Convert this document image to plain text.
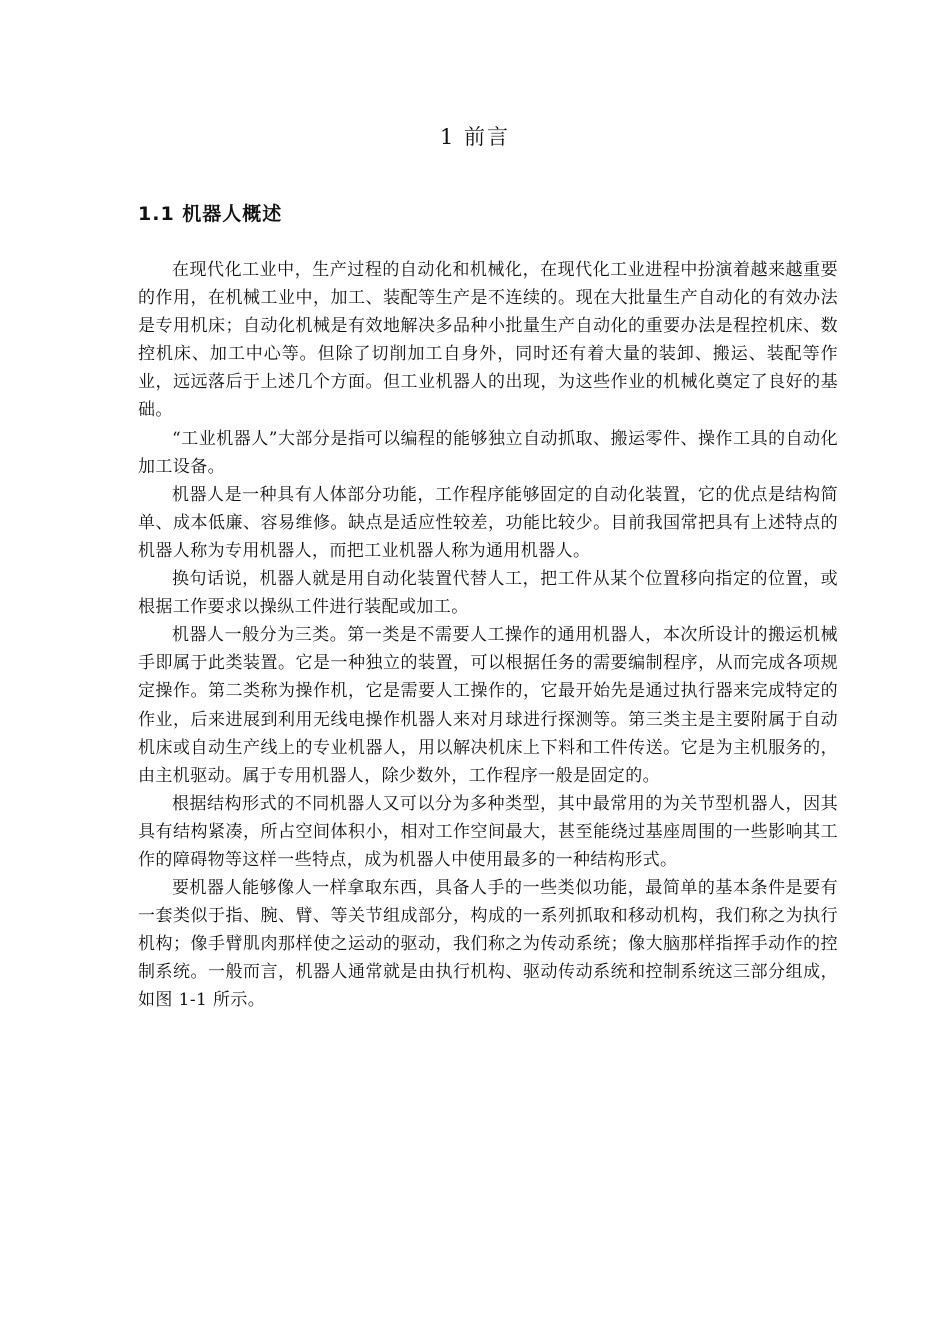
1 前言
1.1 机器人概述

在现代化工业中，生产过程的自动化和机械化，在现代化工业进程中扮演着越来越重要的作用，在机械工业中，加工、装配等生产是不连续的。现在大批量生产自动化的有效办法是专用机床；自动化机械是有效地解决多品种小批量生产自动化的重要办法是程控机床、数控机床、加工中心等。但除了切削加工自身外，同时还有着大量的装卸、搬运、装配等作业，远远落后于上述几个方面。但工业机器人的出现，为这些作业的机械化奠定了良好的基础。

“工业机器人”大部分是指可以编程的能够独立自动抓取、搬运零件、操作工具的自动化加工设备。

机器人是一种具有人体部分功能，工作程序能够固定的自动化装置，它的优点是结构简单、成本低廉、容易维修。缺点是适应性较差，功能比较少。目前我国常把具有上述特点的机器人称为专用机器人，而把工业机器人称为通用机器人。

换句话说，机器人就是用自动化装置代替人工，把工件从某个位置移向指定的位置，或根据工作要求以操纵工件进行装配或加工。

机器人一般分为三类。第一类是不需要人工操作的通用机器人，本次所设计的搬运机械手即属于此类装置。它是一种独立的装置，可以根据任务的需要编制程序，从而完成各项规定操作。第二类称为操作机，它是需要人工操作的，它最开始先是通过执行器来完成特定的作业，后来进展到利用无线电操作机器人来对月球进行探测等。第三类主是主要附属于自动机床或自动生产线上的专业机器人，用以解决机床上下料和工件传送。它是为主机服务的，由主机驱动。属于专用机器人，除少数外，工作程序一般是固定的。

根据结构形式的不同机器人又可以分为多种类型，其中最常用的为关节型机器人，因其具有结构紧凑，所占空间体积小，相对工作空间最大，甚至能绕过基座周围的一些影响其工作的障碍物等这样一些特点，成为机器人中使用最多的一种结构形式。

要机器人能够像人一样拿取东西，具备人手的一些类似功能，最简单的基本条件是要有一套类似于指、腕、臂、等关节组成部分，构成的一系列抓取和移动机构，我们称之为执行机构；像手臂肌肉那样使之运动的驱动，我们称之为传动系统；像大脑那样指挥手动作的控制系统。一般而言，机器人通常就是由执行机构、驱动传动系统和控制系统这三部分组成，如图 1-1 所示。
